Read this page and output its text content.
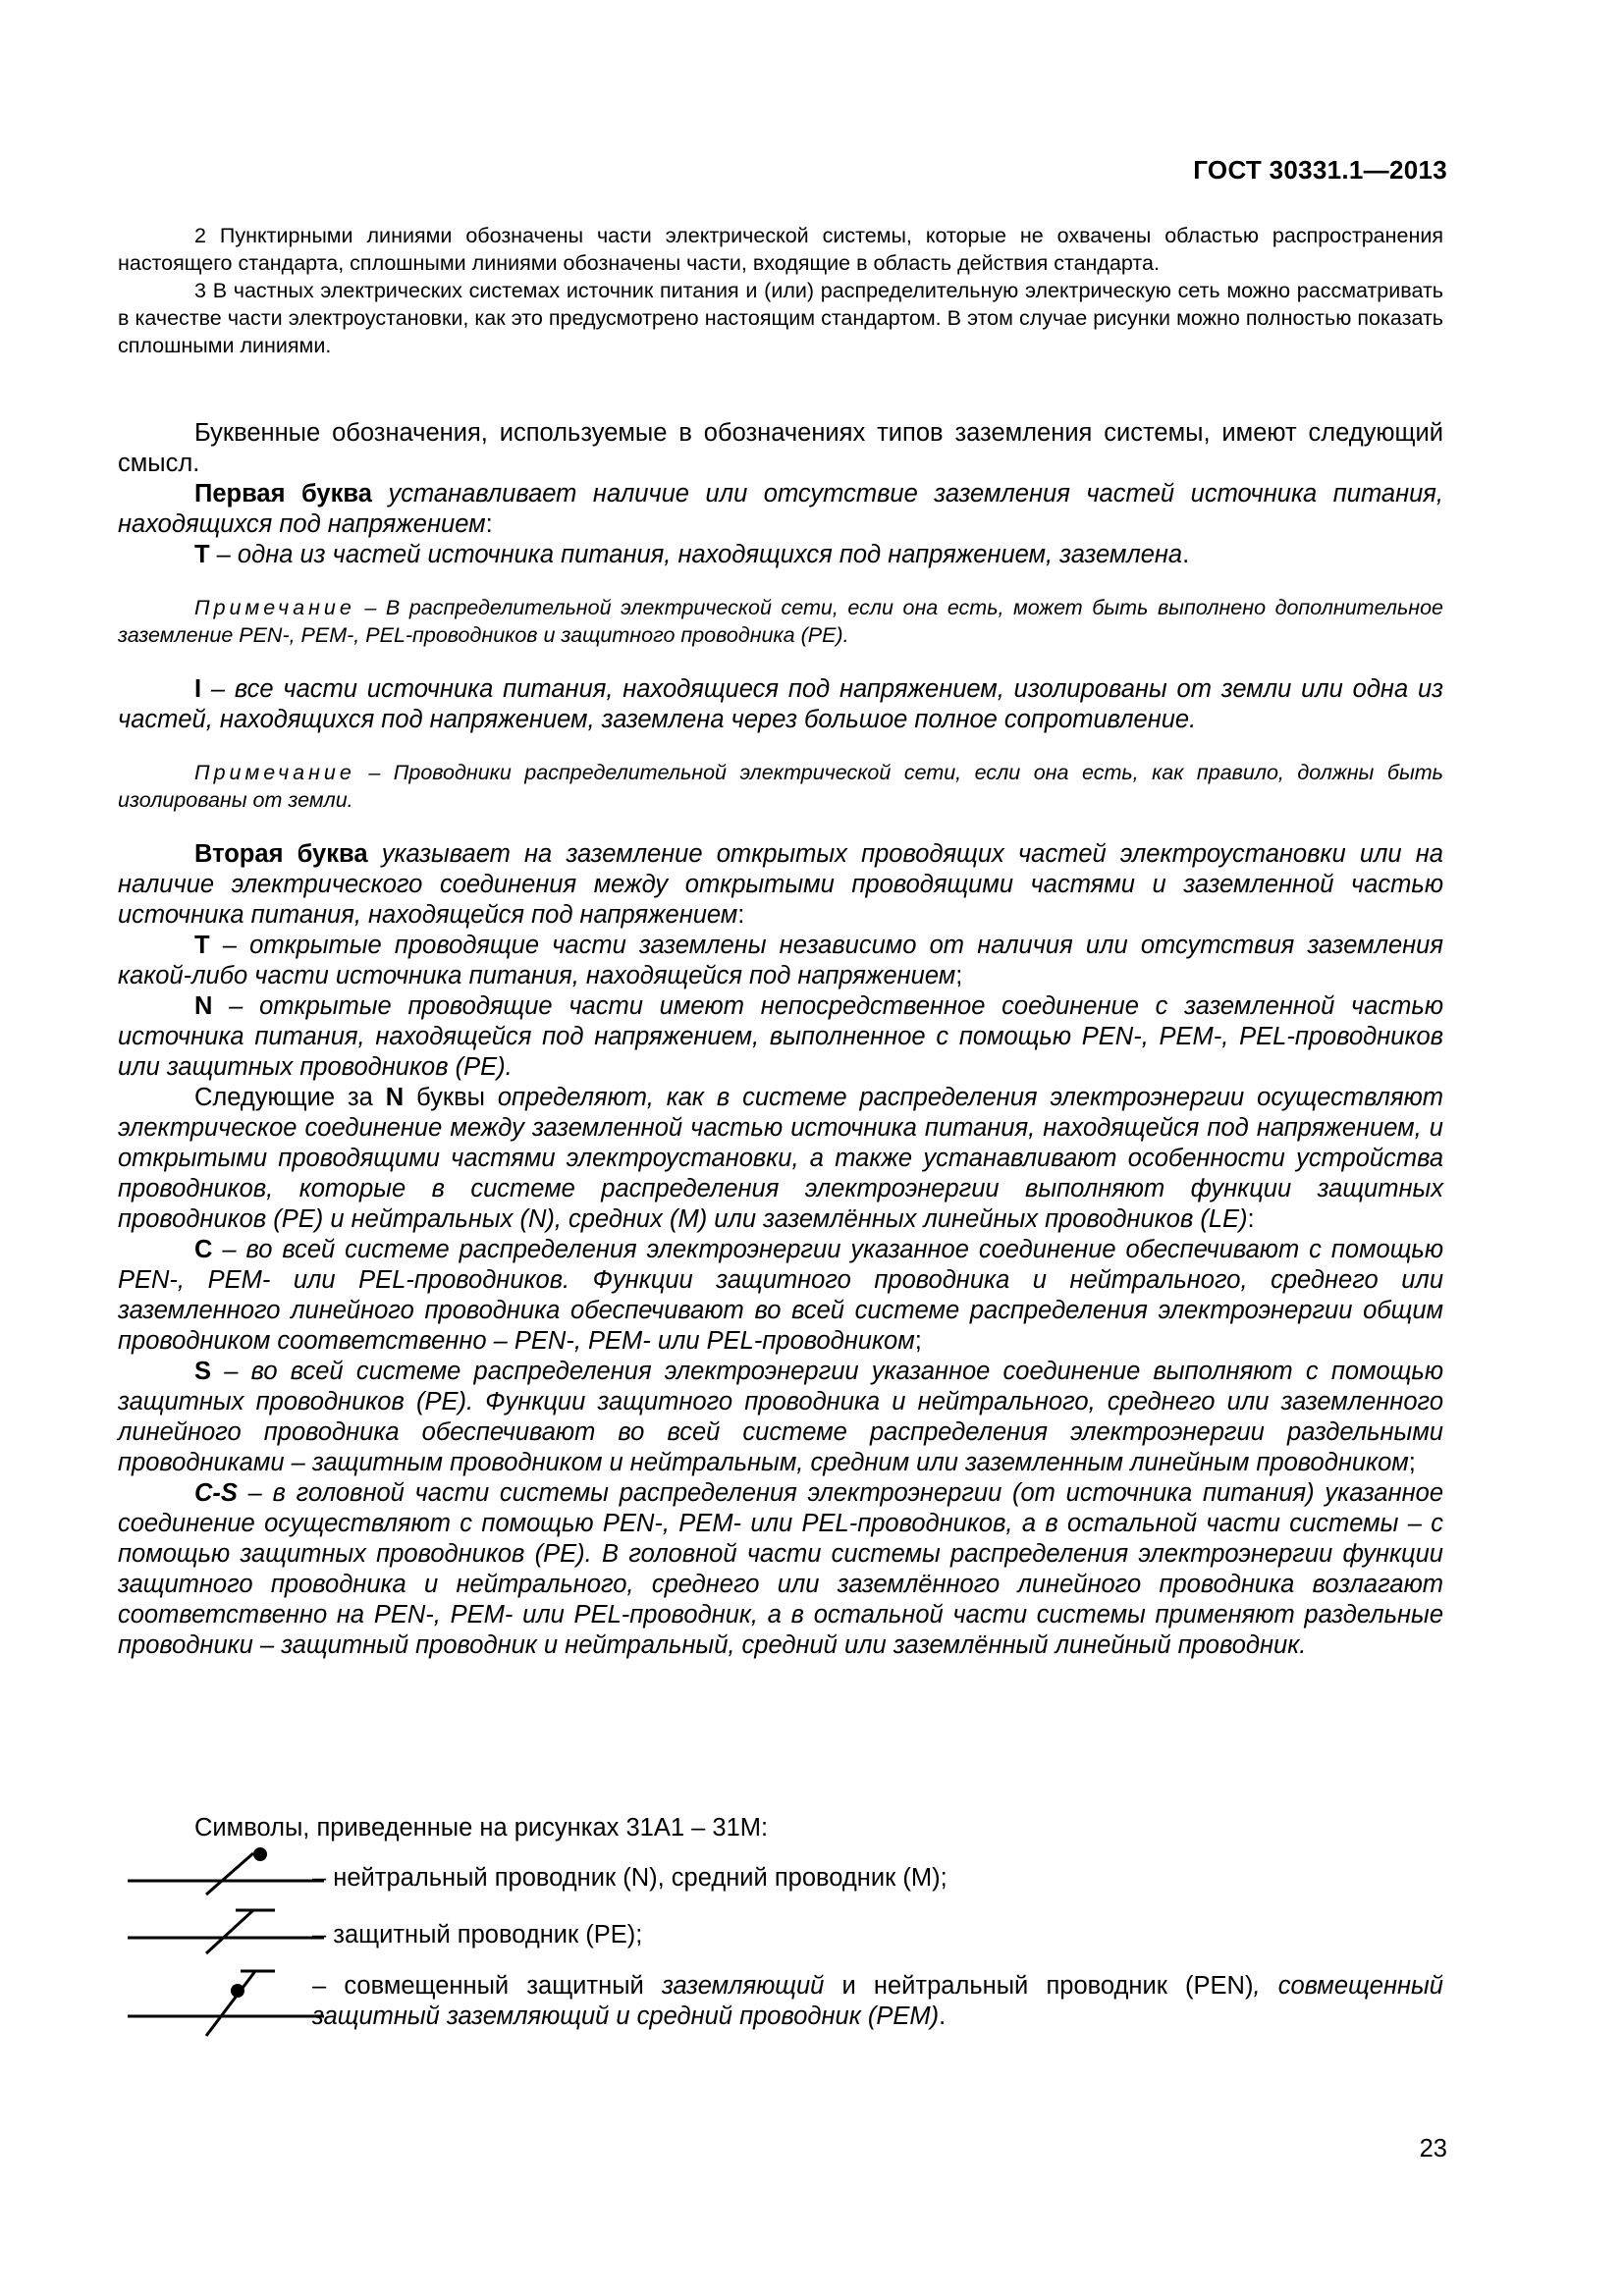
ГОСТ 30331.1—2013

2 Пунктирными линиями обозначены части электрической системы, которые не охвачены областью распространения настоящего стандарта, сплошными линиями обозначены части, входящие в область действия стандарта.

3 В частных электрических системах источник питания и (или) распределительную электрическую сеть можно рассматривать в качестве части электроустановки, как это предусмотрено настоящим стандартом. В этом случае рисунки можно полностью показать сплошными линиями.

Буквенные обозначения, используемые в обозначениях типов заземления системы, имеют следующий смысл.

Первая буква устанавливает наличие или отсутствие заземления частей источника питания, находящихся под напряжением:

T – одна из частей источника питания, находящихся под напряжением, заземлена.

Примечание – В распределительной электрической сети, если она есть, может быть выполнено дополнительное заземление PEN-, PEM-, PEL-проводников и защитного проводника (PE).

I – все части источника питания, находящиеся под напряжением, изолированы от земли или одна из частей, находящихся под напряжением, заземлена через большое полное сопротивление.

Примечание – Проводники распределительной электрической сети, если она есть, как правило, должны быть изолированы от земли.

Вторая буква указывает на заземление открытых проводящих частей электроустановки или на наличие электрического соединения между открытыми проводящими частями и заземленной частью источника питания, находящейся под напряжением:

T – открытые проводящие части заземлены независимо от наличия или отсутствия заземления какой-либо части источника питания, находящейся под напряжением;

N – открытые проводящие части имеют непосредственное соединение с заземленной частью источника питания, находящейся под напряжением, выполненное с помощью PEN-, PEM-, PEL-проводников или защитных проводников (PE).

Следующие за N буквы определяют, как в системе распределения электроэнергии осуществляют электрическое соединение между заземленной частью источника питания, находящейся под напряжением, и открытыми проводящими частями электроустановки, а также устанавливают особенности устройства проводников, которые в системе распределения электроэнергии выполняют функции защитных проводников (PE) и нейтральных (N), средних (M) или заземлённых линейных проводников (LE):

C – во всей системе распределения электроэнергии указанное соединение обеспечивают с помощью PEN-, PEM- или PEL-проводников. Функции защитного проводника и нейтрального, среднего или заземленного линейного проводника обеспечивают во всей системе распределения электроэнергии общим проводником соответственно – PEN-, PEM- или PEL-проводником;

S – во всей системе распределения электроэнергии указанное соединение выполняют с помощью защитных проводников (PE). Функции защитного проводника и нейтрального, среднего или заземленного линейного проводника обеспечивают во всей системе распределения электроэнергии раздельными проводниками – защитным проводником и нейтральным, средним или заземленным линейным проводником;

C-S – в головной части системы распределения электроэнергии (от источника питания) указанное соединение осуществляют с помощью PEN-, PEM- или PEL-проводников, а в остальной части системы – с помощью защитных проводников (PE). В головной части системы распределения электроэнергии функции защитного проводника и нейтрального, среднего или заземлённого линейного проводника возлагают соответственно на PEN-, PEM- или PEL-проводник, а в остальной части системы применяют раздельные проводники – защитный проводник и нейтральный, средний или заземлённый линейный проводник.

Символы, приведенные на рисунках 31А1 – 31М:
– нейтральный проводник (N), средний проводник (M);
– защитный проводник (PE);
– совмещенный защитный заземляющий и нейтральный проводник (PEN), совмещенный защитный заземляющий и средний проводник (PEM).
23
